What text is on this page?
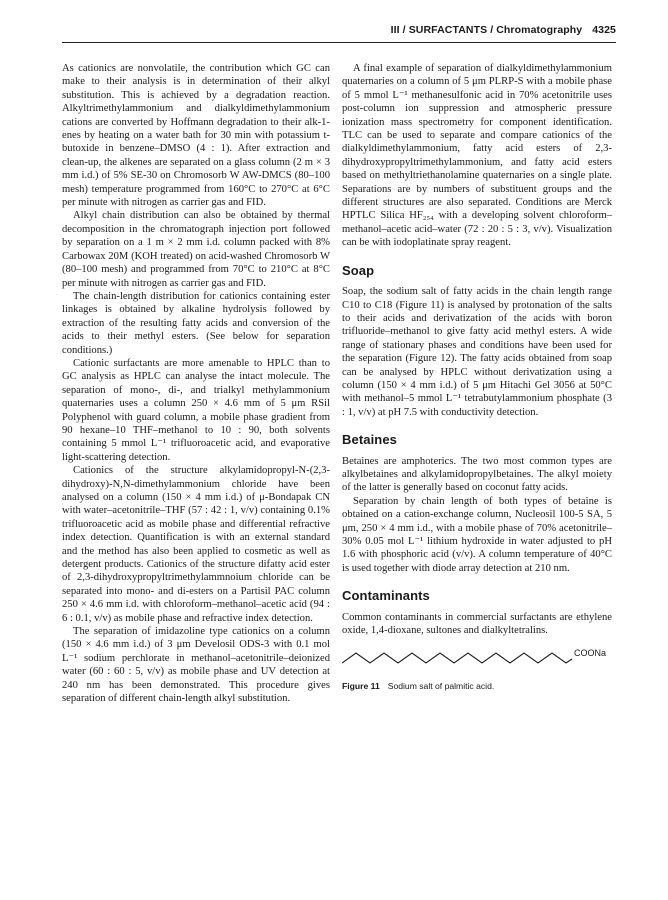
III / SURFACTANTS / Chromatography 4325

As cationics are nonvolatile, the contribution which GC can make to their analysis is in determination of their alkyl substitution. This is achieved by a degradation reaction. Alkyltrimethylammonium and dialkyldimethylammonium cations are converted by Hoffmann degradation to their alk-1-enes by heating on a water bath for 30 min with potassium t-butoxide in benzene–DMSO (4 : 1). After extraction and clean-up, the alkenes are separated on a glass column (2 m × 3 mm i.d.) of 5% SE-30 on Chromosorb W AW-DMCS (80–100 mesh) temperature programmed from 160°C to 270°C at 6°C per minute with nitrogen as carrier gas and FID.

Alkyl chain distribution can also be obtained by thermal decomposition in the chromatograph injection port followed by separation on a 1 m × 2 mm i.d. column packed with 8% Carbowax 20M (KOH treated) on acid-washed Chromosorb W (80–100 mesh) and programmed from 70°C to 210°C at 8°C per minute with nitrogen as carrier gas and FID.

The chain-length distribution for cationics containing ester linkages is obtained by alkaline hydrolysis followed by extraction of the resulting fatty acids and conversion of the acids to their methyl esters. (See below for separation conditions.)

Cationic surfactants are more amenable to HPLC than to GC analysis as HPLC can analyse the intact molecule. The separation of mono-, di-, and trialkyl methylammonium quaternaries uses a column 250 × 4.6 mm of 5 μm RSil Polyphenol with guard column, a mobile phase gradient from 90 hexane–10 THF–methanol to 10 : 90, both solvents containing 5 mmol L⁻¹ trifluoroacetic acid, and evaporative light-scattering detection.

Cationics of the structure alkylamidopropyl-N-(2,3-dihydroxy)-N,N-dimethylammonium chloride have been analysed on a column (150 × 4 mm i.d.) of μ-Bondapak CN with water–acetonitrile–THF (57 : 42 : 1, v/v) containing 0.1% trifluoroacetic acid as mobile phase and differential refractive index detection. Quantification is with an external standard and the method has also been applied to cosmetic as well as detergent products. Cationics of the structure difatty acid ester of 2,3-dihydroxypropyltrimethylammnoium chloride can be separated into mono- and di-esters on a Partisil PAC column 250 × 4.6 mm i.d. with chloroform–methanol–acetic acid (94 : 6 : 0.1, v/v) as mobile phase and refractive index detection.

The separation of imidazoline type cationics on a column (150 × 4.6 mm i.d.) of 3 μm Develosil ODS-3 with 0.1 mol L⁻¹ sodium perchlorate in methanol–acetonitrile–deionized water (60 : 60 : 5, v/v) as mobile phase and UV detection at 240 nm has been demonstrated. This procedure gives separation of different chain-length alkyl substitution.

A final example of separation of dialkyldimethylammonium quaternaries on a column of 5 μm PLRP-S with a mobile phase of 5 mmol L⁻¹ methanesulfonic acid in 70% acetonitrile uses post-column ion suppression and atmospheric pressure ionization mass spectrometry for component identification. TLC can be used to separate and compare cationics of the dialkyldimethylammonium, fatty acid esters of 2,3-dihydroxypropyltrimethylammonium, and fatty acid esters based on methyltriethanolamine quaternaries on a single plate. Separations are by numbers of substituent groups and the different structures are also separated. Conditions are Merck HPTLC Silica HF₂₅₄ with a developing solvent chloroform–methanol–acetic acid–water (72 : 20 : 5 : 3, v/v). Visualization can be with iodoplatinate spray reagent.

Soap

Soap, the sodium salt of fatty acids in the chain length range C10 to C18 (Figure 11) is analysed by protonation of the salts to their acids and derivatization of the acids with boron trifluoride–methanol to give fatty acid methyl esters. A wide range of stationary phases and conditions have been used for the separation (Figure 12). The fatty acids obtained from soap can be analysed by HPLC without derivatization using a column (150 × 4 mm i.d.) of 5 μm Hitachi Gel 3056 at 50°C with methanol–5 mmol L⁻¹ tetrabutylammonium phosphate (3 : 1, v/v) at pH 7.5 with conductivity detection.

Betaines

Betaines are amphoterics. The two most common types are alkylbetaines and alkylamidopropylbetaines. The alkyl moiety of the latter is generally based on coconut fatty acids.

Separation by chain length of both types of betaine is obtained on a cation-exchange column, Nucleosil 100-5 SA, 5 μm, 250 × 4 mm i.d., with a mobile phase of 70% acetonitrile–30% 0.05 mol L⁻¹ lithium hydroxide in water adjusted to pH 1.6 with phosphoric acid (v/v). A column temperature of 40°C is used together with diode array detection at 210 nm.

Contaminants

Common contaminants in commercial surfactants are ethylene oxide, 1,4-dioxane, sultones and dialkyltetralins.

COONa
Figure 11 Sodium salt of palmitic acid.
